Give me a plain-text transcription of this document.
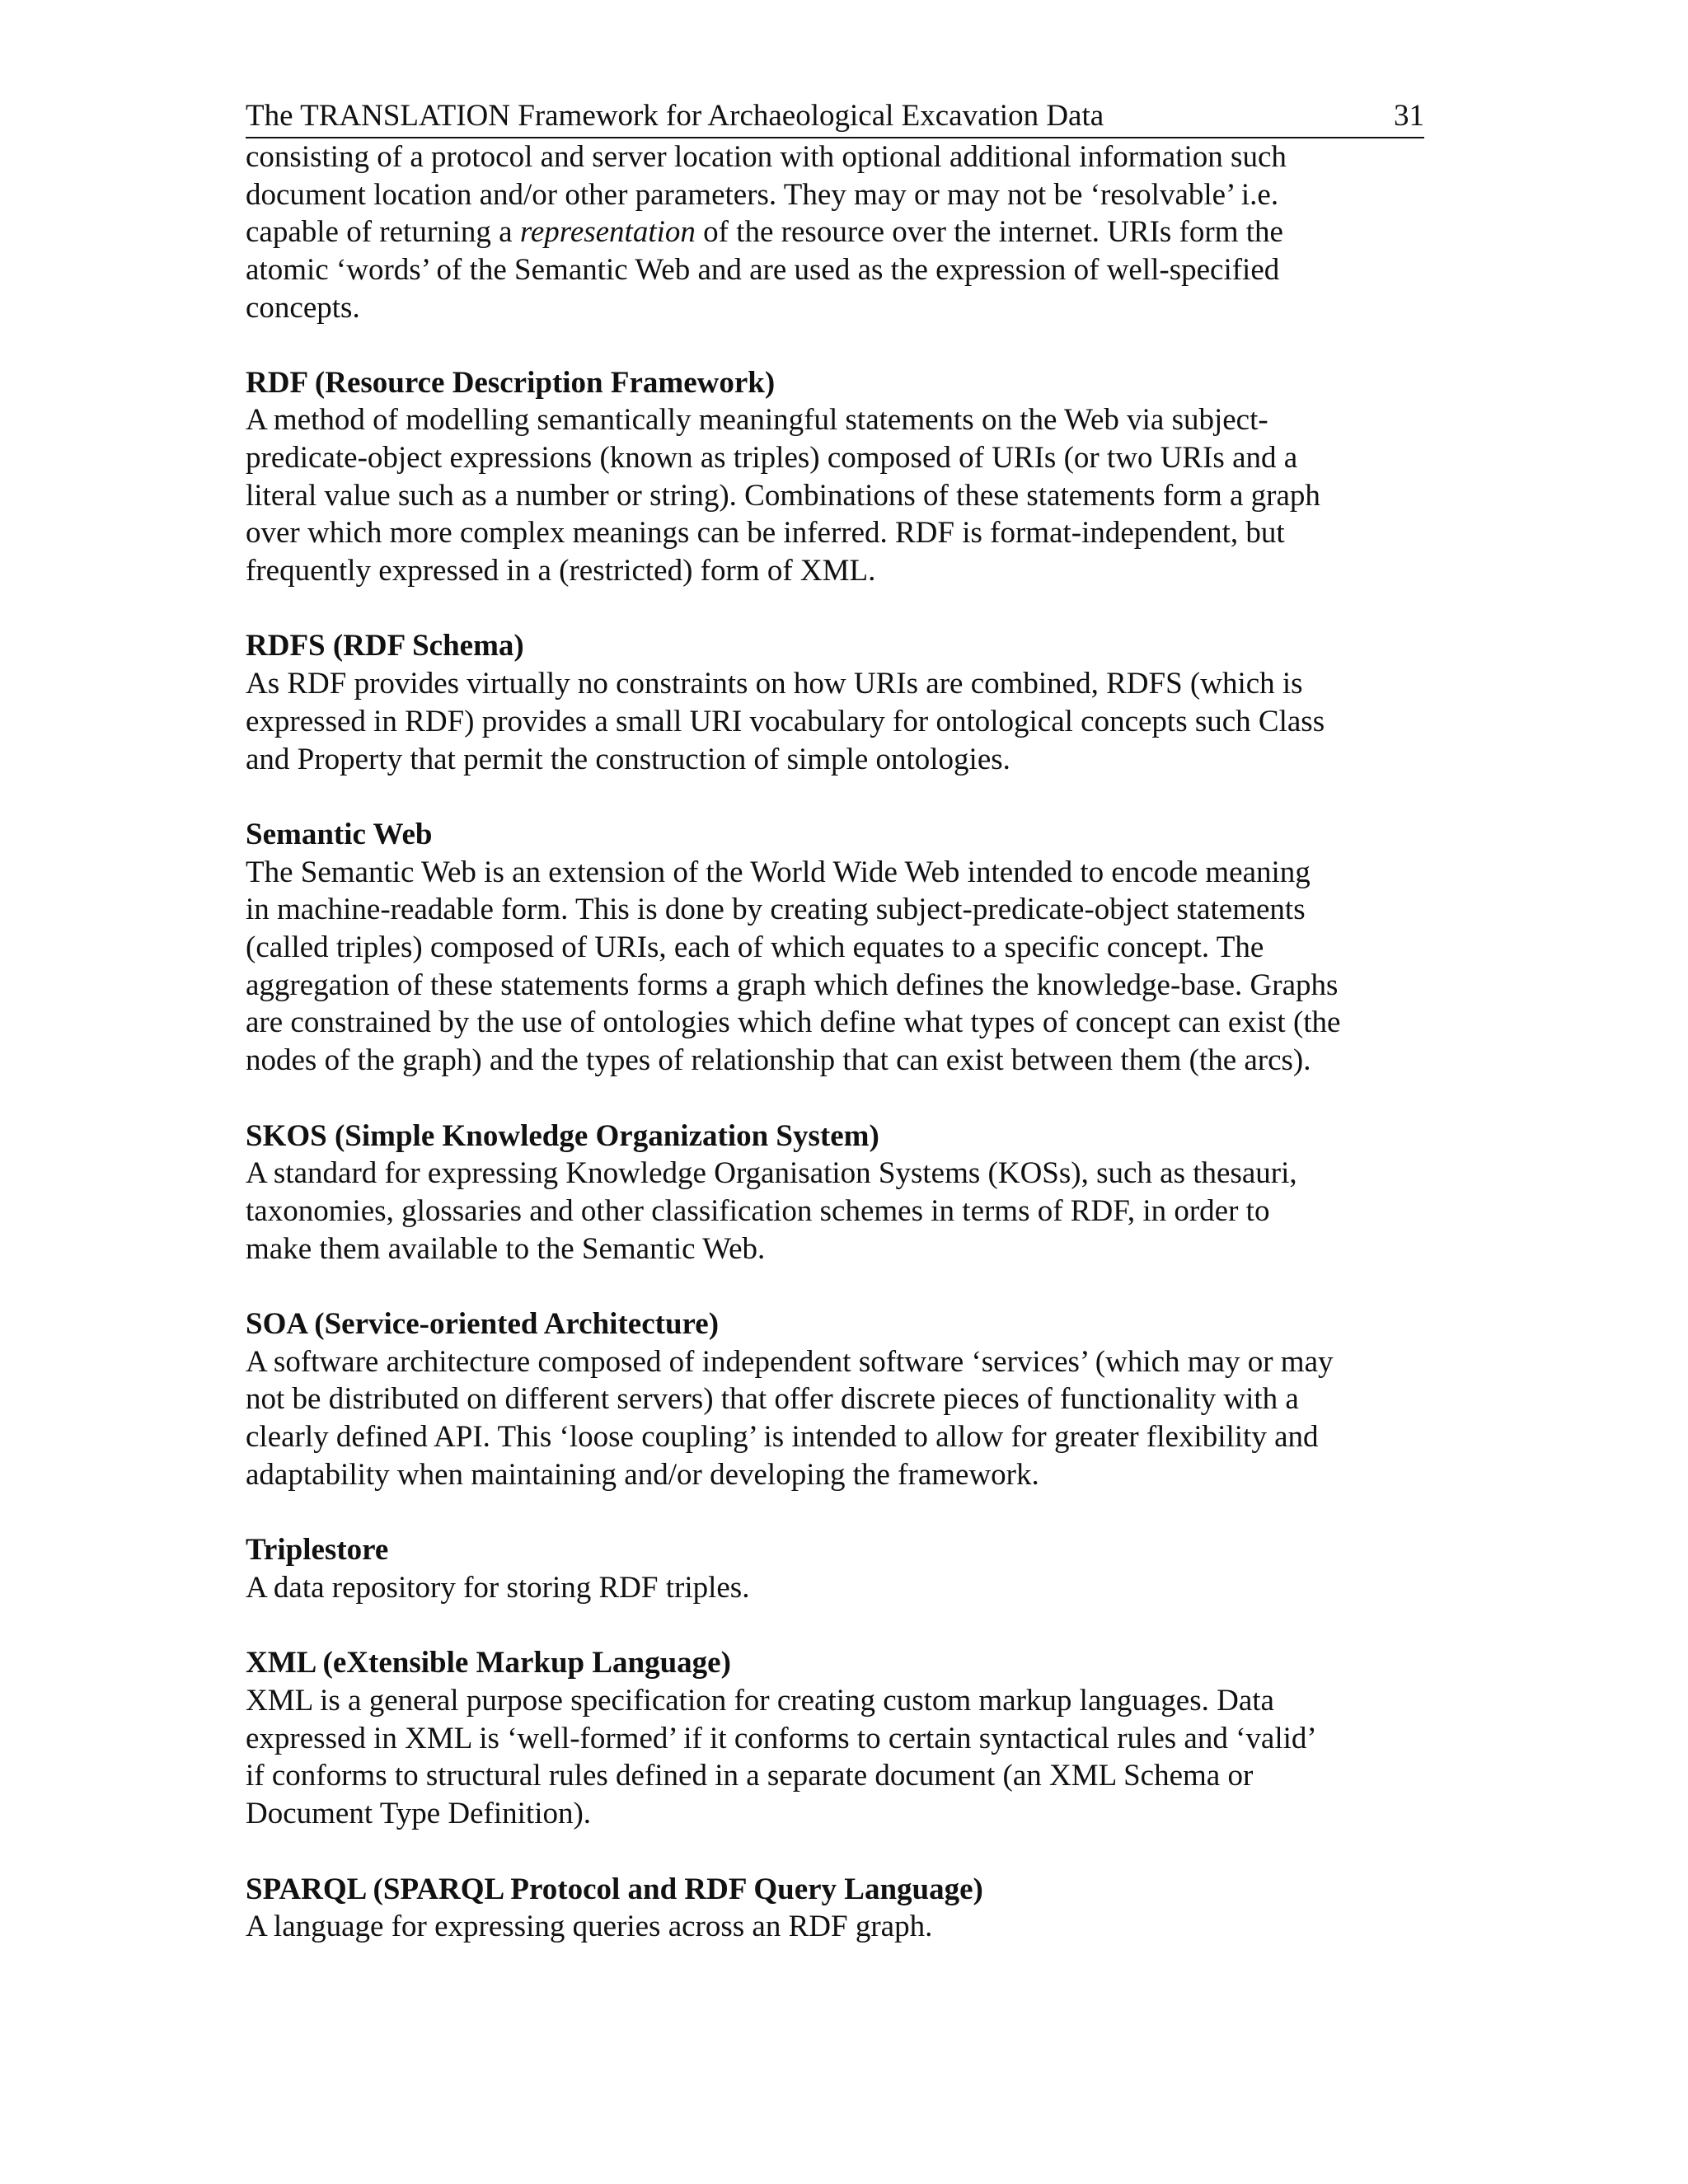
The TRANSLATION Framework for Archaeological Excavation Data	31

consisting of a protocol and server location with optional additional information such
document location and/or other parameters. They may or may not be ‘resolvable’ i.e.
capable of returning a representation of the resource over the internet. URIs form the
atomic ‘words’ of the Semantic Web and are used as the expression of well-specified
concepts.

RDF (Resource Description Framework)

A method of modelling semantically meaningful statements on the Web via subject-
predicate-object expressions (known as triples) composed of URIs (or two URIs and a
literal value such as a number or string). Combinations of these statements form a graph
over which more complex meanings can be inferred. RDF is format-independent, but
frequently expressed in a (restricted) form of XML.

RDFS (RDF Schema)

As RDF provides virtually no constraints on how URIs are combined, RDFS (which is
expressed in RDF) provides a small URI vocabulary for ontological concepts such Class
and Property that permit the construction of simple ontologies.

Semantic Web

The Semantic Web is an extension of the World Wide Web intended to encode meaning
in machine-readable form. This is done by creating subject-predicate-object statements
(called triples) composed of URIs, each of which equates to a specific concept. The
aggregation of these statements forms a graph which defines the knowledge-base. Graphs
are constrained by the use of ontologies which define what types of concept can exist (the
nodes of the graph) and the types of relationship that can exist between them (the arcs).

SKOS (Simple Knowledge Organization System)

A standard for expressing Knowledge Organisation Systems (KOSs), such as thesauri,
taxonomies, glossaries and other classification schemes in terms of RDF, in order to
make them available to the Semantic Web.

SOA (Service-oriented Architecture)

A software architecture composed of independent software ‘services’ (which may or may
not be distributed on different servers) that offer discrete pieces of functionality with a
clearly defined API. This ‘loose coupling’ is intended to allow for greater flexibility and
adaptability when maintaining and/or developing the framework.

Triplestore

A data repository for storing RDF triples.

XML (eXtensible Markup Language)

XML is a general purpose specification for creating custom markup languages. Data
expressed in XML is ‘well-formed’ if it conforms to certain syntactical rules and ‘valid’
if conforms to structural rules defined in a separate document (an XML Schema or
Document Type Definition).

SPARQL (SPARQL Protocol and RDF Query Language)

A language for expressing queries across an RDF graph.
